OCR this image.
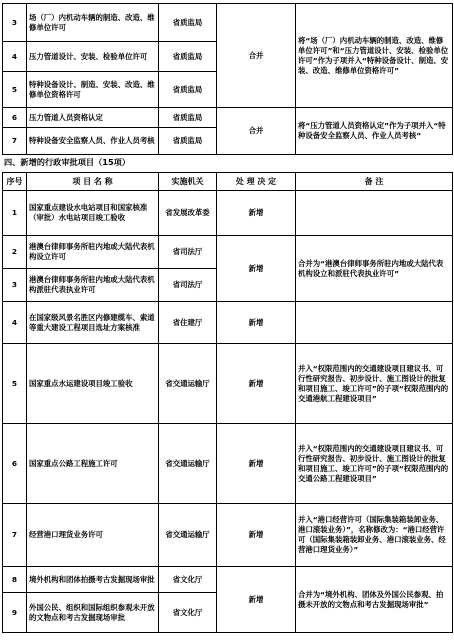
3	场（厂）内机动车辆的制造、改造、维修单位许可	省质监局	合并	将“场（厂）内机动车辆的制造、改造、维修单位许可”和“压力管道设计、安装、检验单位许可”作为子项并入“特种设备设计、制造、安装、改造、维修单位资格许可”
4	压力管道设计、安装、检验单位许可	省质监局		
5	特种设备设计、制造、安装、改造、维修单位资格许可	省质监局		
6	压力管道人员资格认定	省质监局	合并	将“压力管道人员资格认定”作为子项并入“特种设备安全监察人员、作业人员考核”
7	特种设备安全监察人员、作业人员考核	省质监局		
四、新增的行政审批项目（15项）
序号	项 目 名 称	实施机关	处 理 决 定	备 注
1	国家重点建设水电站项目和国家核准（审批）水电站项目竣工验收	省发展改革委	新增	
2	港澳台律师事务所驻内地或大陆代表机构设立许可	省司法厅	新增	合并为“港澳台律师事务所驻内地或大陆代表机构设立和派驻代表执业许可”
3	港澳台律师事务所驻内地或大陆代表机构派驻代表执业许可	省司法厅		
4	在国家级风景名胜区内修建缆车、索道等重大建设工程项目选址方案核准	省住建厅	新增	
5	国家重点水运建设项目竣工验收	省交通运输厅	新增	并入“权限范围内的交通建设项目建议书、可行性研究报告、初步设计、施工图设计的批复和项目施工、竣工许可”的子项“权限范围内的交通港航工程建设项目”
6	国家重点公路工程施工许可	省交通运输厅	新增	并入“权限范围内的交通建设项目建议书、可行性研究报告、初步设计、施工图设计的批复和项目施工、竣工许可”的子项“权限范围内的交通公路工程建设项目”
7	经营港口理货业务许可	省交通运输厅	新增	并入“港口经营许可（国际集装箱装卸业务、港口滚装业务）”，名称修改为：“港口经营许可（国际集装箱装卸业务、港口滚装业务、经营港口理货业务）”
8	境外机构和团体拍摄考古发掘现场审批	省文化厅	新增	合并为“境外机构、团体及外国公民参观、拍摄未开放的文物点和考古发掘现场审批”
9	外国公民、组织和国际组织参观未开放的文物点和考古发掘现场审批	省文化厅		
